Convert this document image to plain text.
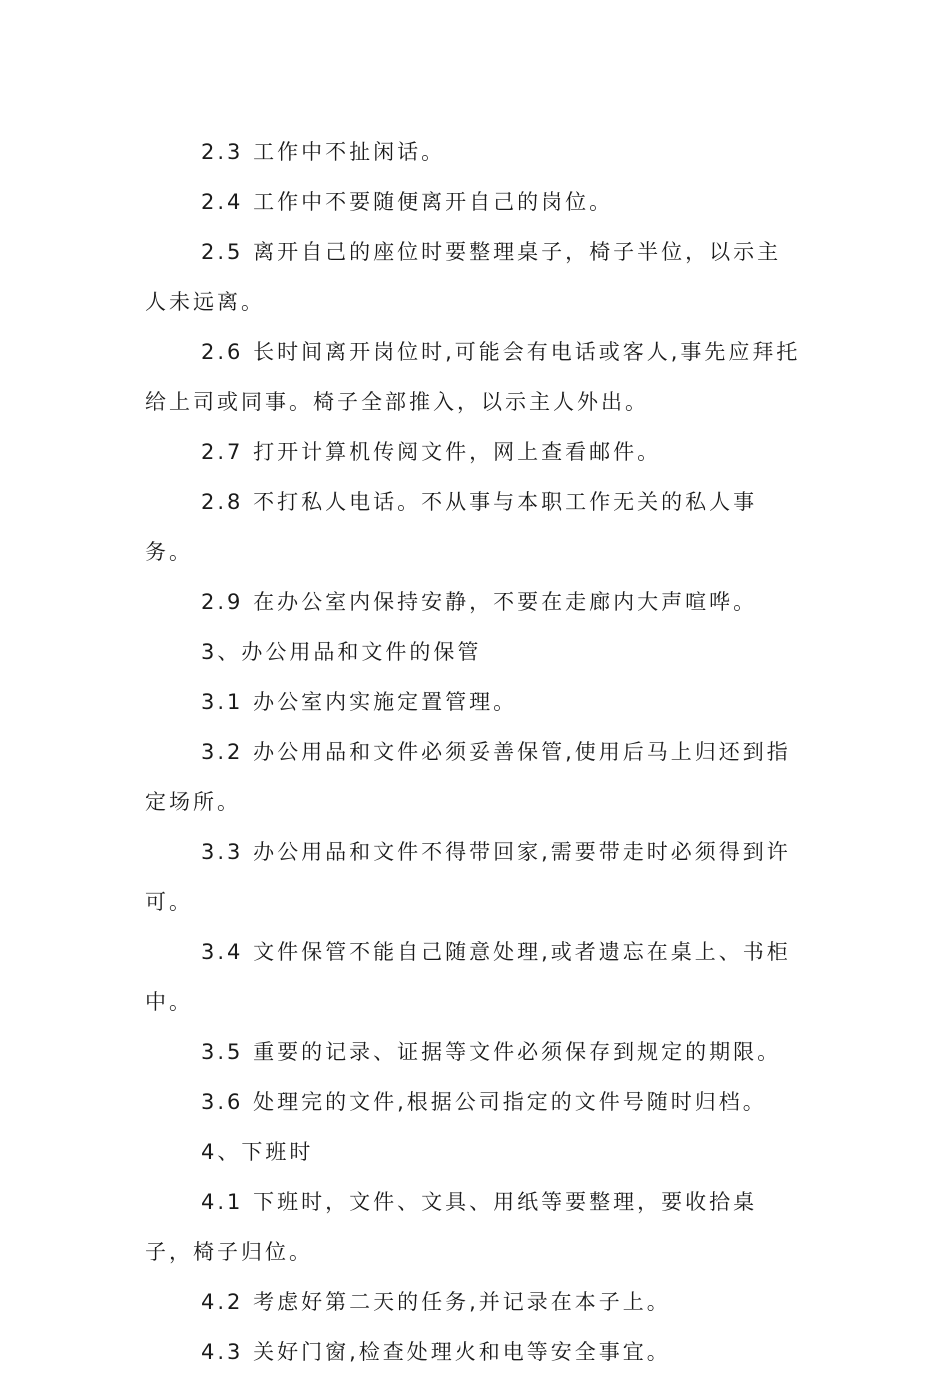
2.3 工作中不扯闲话。

2.4 工作中不要随便离开自己的岗位。

2.5 离开自己的座位时要整理桌子，椅子半位，以示主人未远离。

2.6 长时间离开岗位时,可能会有电话或客人,事先应拜托给上司或同事。椅子全部推入，以示主人外出。

2.7 打开计算机传阅文件，网上查看邮件。

2.8 不打私人电话。不从事与本职工作无关的私人事务。

2.9 在办公室内保持安静，不要在走廊内大声喧哗。

3、办公用品和文件的保管

3.1 办公室内实施定置管理。

3.2 办公用品和文件必须妥善保管,使用后马上归还到指定场所。

3.3 办公用品和文件不得带回家,需要带走时必须得到许可。

3.4 文件保管不能自己随意处理,或者遗忘在桌上、书柜中。

3.5 重要的记录、证据等文件必须保存到规定的期限。

3.6 处理完的文件,根据公司指定的文件号随时归档。

4、下班时

4.1 下班时，文件、文具、用纸等要整理，要收拾桌子，椅子归位。

4.2 考虑好第二天的任务,并记录在本子上。

4.3 关好门窗,检查处理火和电等安全事宜。
